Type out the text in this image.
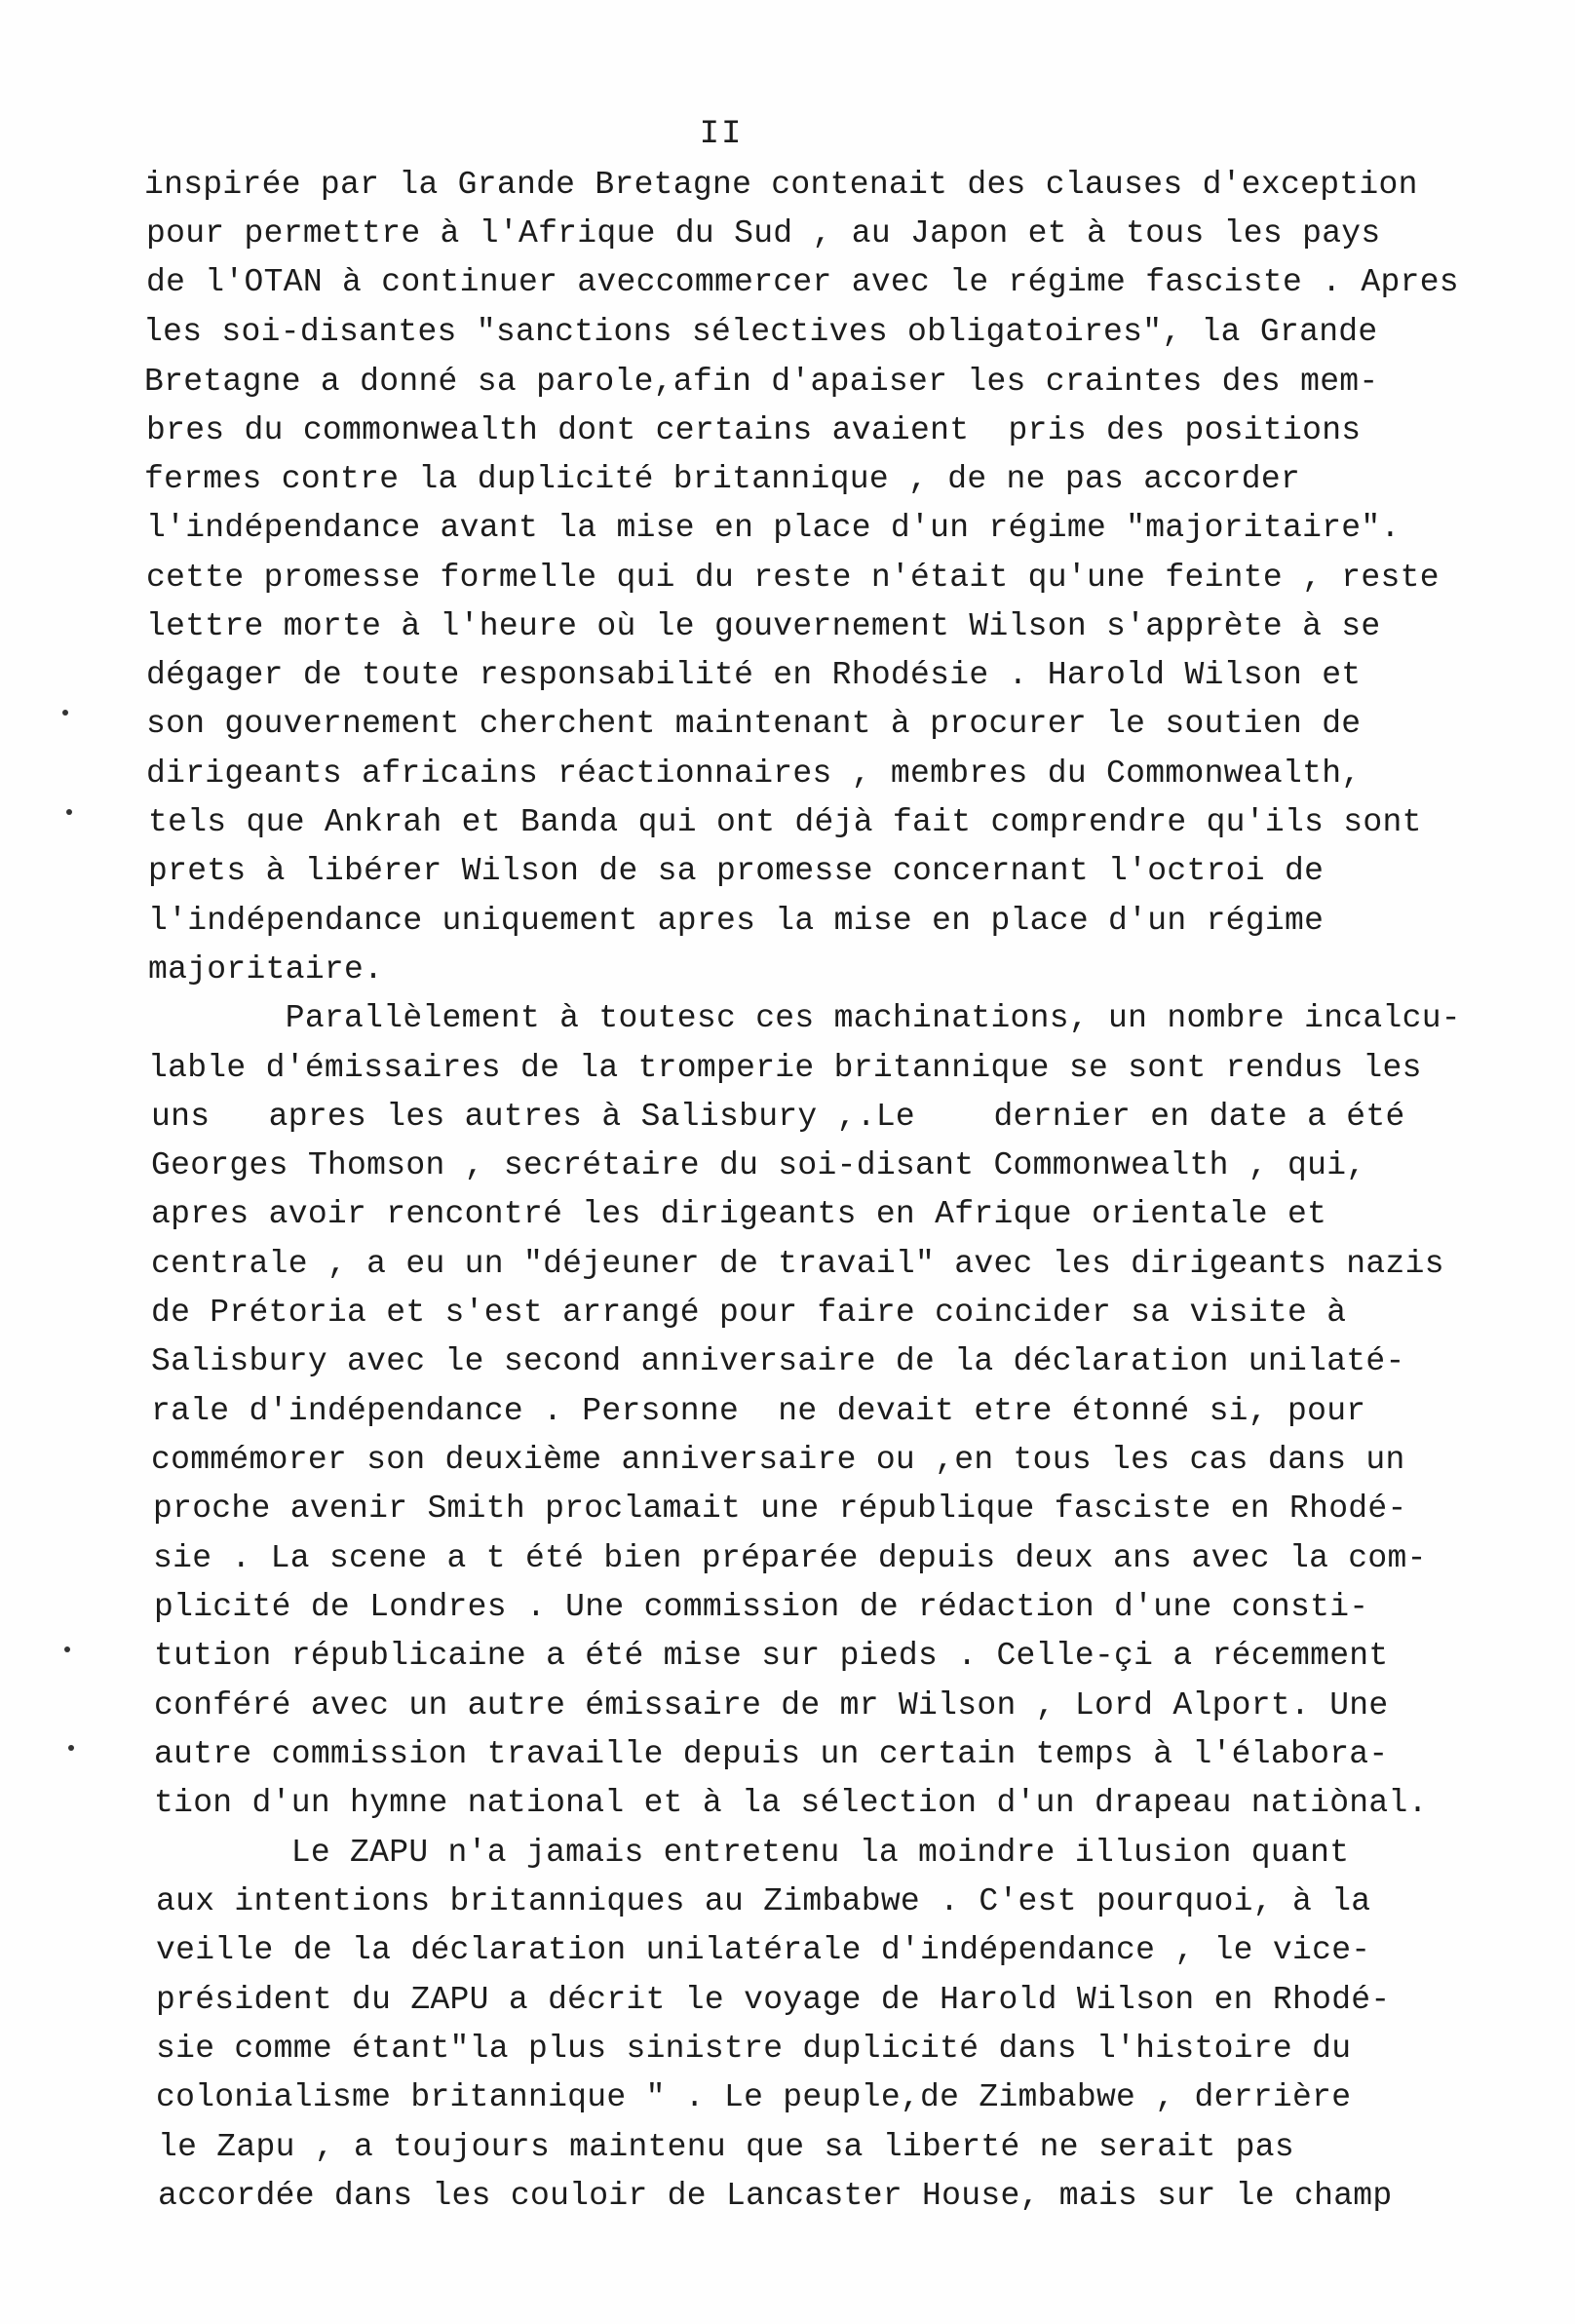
II
inspirée par la Grande Bretagne contenait des clauses d'exception
pour permettre à l'Afrique du Sud , au Japon et à tous les pays
de l'OTAN à continuer aveccommercer avec le régime fasciste . Apres
les soi-disantes "sanctions sélectives obligatoires", la Grande
Bretagne a donné sa parole,afin d'apaiser les craintes des mem-
bres du commonwealth dont certains avaient  pris des positions
fermes contre la duplicité britannique , de ne pas accorder
l'indépendance avant la mise en place d'un régime "majoritaire".
cette promesse formelle qui du reste n'était qu'une feinte , reste
lettre morte à l'heure où le gouvernement Wilson s'apprète à se
dégager de toute responsabilité en Rhodésie . Harold Wilson et
son gouvernement cherchent maintenant à procurer le soutien de
dirigeants africains réactionnaires , membres du Commonwealth,
tels que Ankrah et Banda qui ont déjà fait comprendre qu'ils sont
prets à libérer Wilson de sa promesse concernant l'octroi de
l'indépendance uniquement apres la mise en place d'un régime
majoritaire.
Parallèlement à toutesc ces machinations, un nombre incalcu-
lable d'émissaires de la tromperie britannique se sont rendus les
uns   apres les autres à Salisbury ,.Le    dernier en date a été
Georges Thomson , secrétaire du soi-disant Commonwealth , qui,
apres avoir rencontré les dirigeants en Afrique orientale et
centrale , a eu un "déjeuner de travail" avec les dirigeants nazis
de Prétoria et s'est arrangé pour faire coincider sa visite à
Salisbury avec le second anniversaire de la déclaration unilaté-
rale d'indépendance . Personne  ne devait etre étonné si, pour
commémorer son deuxième anniversaire ou ,en tous les cas dans un
proche avenir Smith proclamait une république fasciste en Rhodé-
sie . La scene a t été bien préparée depuis deux ans avec la com-
plicité de Londres . Une commission de rédaction d'une consti-
tution républicaine a été mise sur pieds . Celle-çi a récemment
conféré avec un autre émissaire de mr Wilson , Lord Alport. Une
autre commission travaille depuis un certain temps à l'élabora-
tion d'un hymne national et à la sélection d'un drapeau natiònal.
Le ZAPU n'a jamais entretenu la moindre illusion quant
aux intentions britanniques au Zimbabwe . C'est pourquoi, à la
veille de la déclaration unilatérale d'indépendance , le vice-
président du ZAPU a décrit le voyage de Harold Wilson en Rhodé-
sie comme étant"la plus sinistre duplicité dans l'histoire du
colonialisme britannique " . Le peuple,de Zimbabwe , derrière
le Zapu , a toujours maintenu que sa liberté ne serait pas
accordée dans les couloir de Lancaster House, mais sur le champ
